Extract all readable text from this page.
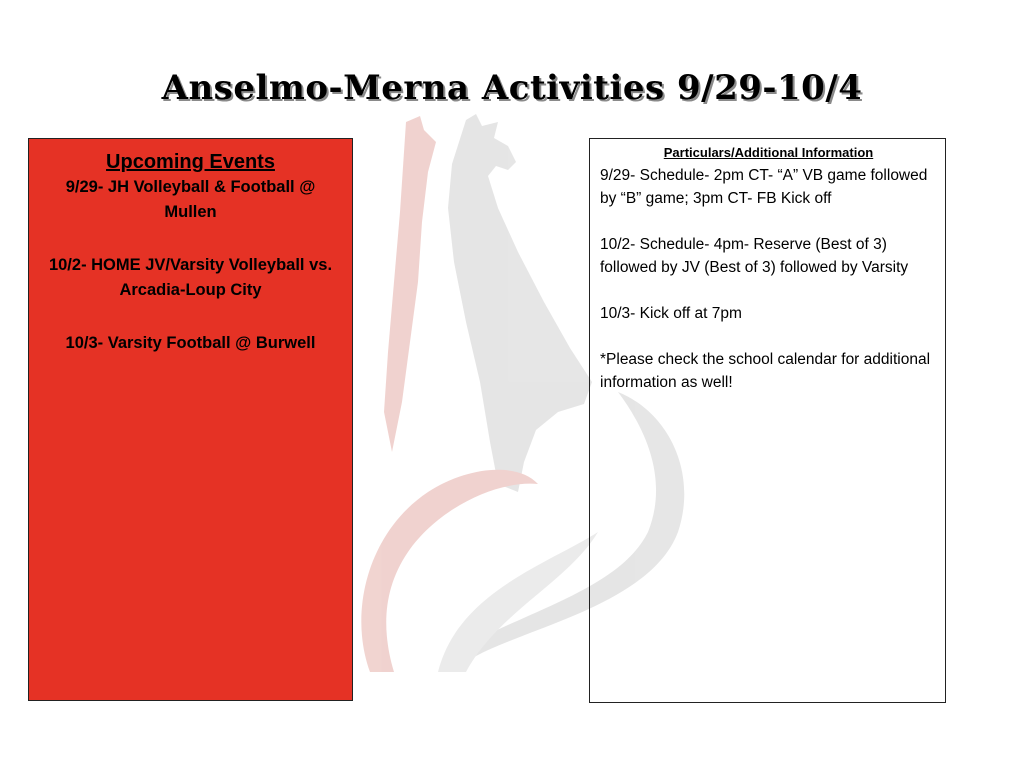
Anselmo-Merna Activities 9/29-10/4

Upcoming Events

9/29- JH Volleyball & Football @ Mullen

10/2- HOME JV/Varsity Volleyball vs. Arcadia-Loup City

10/3- Varsity Football @ Burwell

Particulars/Additional Information

9/29- Schedule- 2pm CT- “A” VB game followed by “B” game; 3pm CT- FB Kick off

10/2- Schedule- 4pm- Reserve (Best of 3) followed by JV (Best of 3) followed by Varsity

10/3- Kick off at 7pm

*Please check the school calendar for additional information as well!
